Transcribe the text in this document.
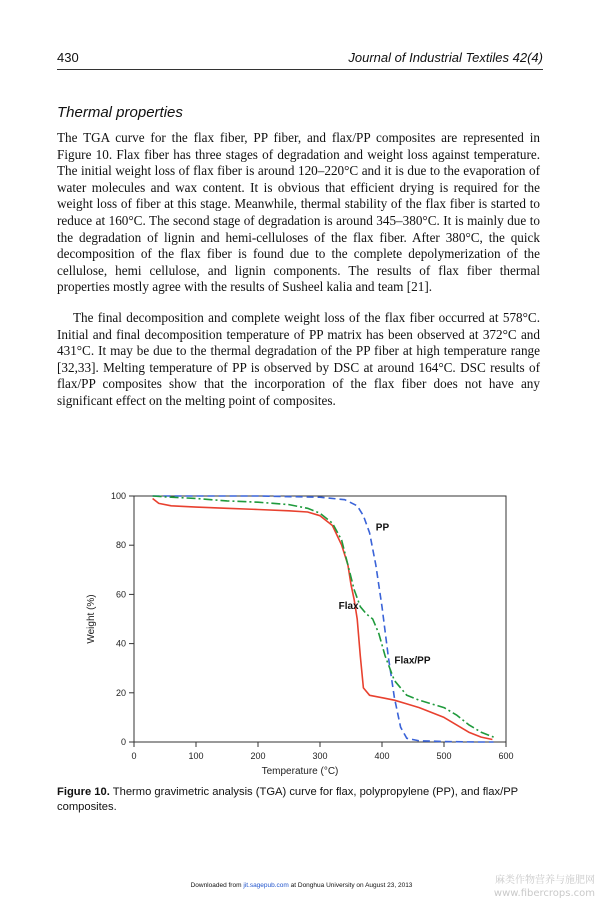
430	Journal of Industrial Textiles 42(4)
Thermal properties
The TGA curve for the flax fiber, PP fiber, and flax/PP composites are represented in Figure 10. Flax fiber has three stages of degradation and weight loss against temperature. The initial weight loss of flax fiber is around 120–220°C and it is due to the evaporation of water molecules and wax content. It is obvious that efficient drying is required for the weight loss of fiber at this stage. Meanwhile, thermal stability of the flax fiber is started to reduce at 160°C. The second stage of degradation is around 345–380°C. It is mainly due to the degradation of lignin and hemi-celluloses of the flax fiber. After 380°C, the quick decomposition of the flax fiber is found due to the complete depolymerization of the cellulose, hemi cellulose, and lignin components. The results of flax fiber thermal properties mostly agree with the results of Susheel kalia and team [21].
The final decomposition and complete weight loss of the flax fiber occurred at 578°C. Initial and final decomposition temperature of PP matrix has been observed at 372°C and 431°C. It may be due to the thermal degradation of the PP fiber at high temperature range [32,33]. Melting temperature of PP is observed by DSC at around 164°C. DSC results of flax/PP composites show that the incorporation of the flax fiber does not have any significant effect on the melting point of composites.
0	100	200	300	400	500	600
0
20
40
60
80
100
Temperature (°C)
Weight (%)
PP
Flax
Flax/PP
Figure 10. Thermo gravimetric analysis (TGA) curve for flax, polypropylene (PP), and flax/PP composites.
Downloaded from jit.sagepub.com at Donghua University on August 23, 2013	麻类作物营养与施肥网
www.fibercrops.com
